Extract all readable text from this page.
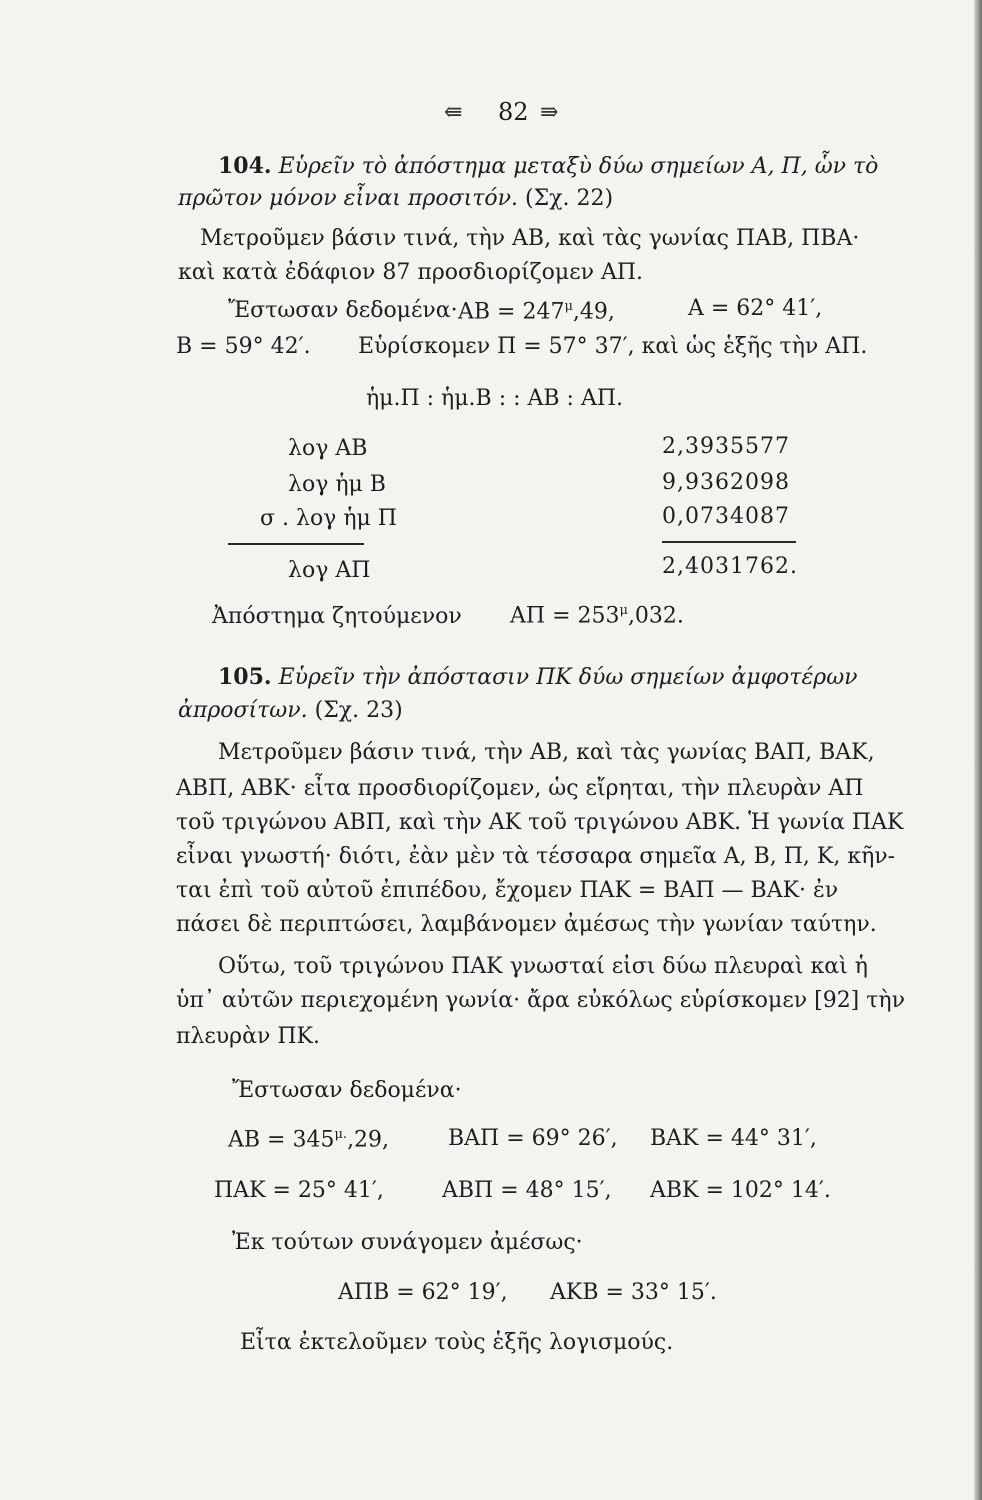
⇚ 82 ⇛
104. Εὑρεῖν τὸ ἀπόστημα μεταξὺ δύω σημείων Α, Π, ὧν τὸ
πρῶτον μόνον εἶναι προσιτόν. (Σχ. 22)
Μετροῦμεν βάσιν τινά, τὴν ΑΒ, καὶ τὰς γωνίας ΠΑΒ, ΠΒΑ·
καὶ κατὰ ἐδάφιον 87 προσδιορίζομεν ΑΠ.
Ἔστωσαν $\delta\varepsilon\delta o\mu έ\nu\alpha\cdot AB = 247^\mu,49$,	Α = 62° 41′,
Β = 59° 42′. Εὑρίσκομεν Π = 57° 37′, καὶ ὡς ἑξῆς τὴν ΑΠ.
ἡμ.Π : ἡμ.Β : : ΑΒ : ΑΠ.
λογ ΑΒ	2,3935577
λογ ἡμ Β	9,9362098
σ . λογ ἡμ Π	0,0734087
λογ ΑΠ	2,4031762.
Ἀπόστημα ζητούμενον $A\Pi = 253^\mu,032$.
105. Εὑρεῖν τὴν ἀπόστασιν ΠΚ δύω σημείων ἀμφοτέρων
ἀπροσίτων. (Σχ. 23)
Μετροῦμεν βάσιν τινά, τὴν ΑΒ, καὶ τὰς γωνίας ΒΑΠ, ΒΑΚ,
ΑΒΠ, ΑΒΚ· εἶτα προσδιορίζομεν, ὡς εἴρηται, τὴν πλευρὰν ΑΠ
τοῦ τριγώνου ΑΒΠ, καὶ τὴν ΑΚ τοῦ τριγώνου ΑΒΚ. Ἡ γωνία ΠΑΚ
εἶναι γνωστή· διότι, ἐὰν μὲν τὰ τέσσαρα σημεῖα Α, Β, Π, Κ, κῆν-
ται ἐπὶ τοῦ αὐτοῦ ἐπιπέδου, ἔχομεν ΠΑΚ = ΒΑΠ — ΒΑΚ· ἐν
πάσει δὲ περιπτώσει, λαμβάνομεν ἀμέσως τὴν γωνίαν ταύτην.
Οὕτω, τοῦ τριγώνου ΠΑΚ γνωσταί εἰσι δύω πλευραὶ καὶ ἡ
ὑπ᾿ αὐτῶν περιεχομένη γωνία· ἄρα εὐκόλως εὑρίσκομεν [92] τὴν
πλευρὰν ΠΚ.
Ἔστωσαν δεδομένα·
$AB = 345^{\mu.},29$,	ΒΑΠ = 69° 26′, ΒΑΚ = 44° 31′,
ΠΑΚ = 25° 41′,	ΑΒΠ = 48° 15′, ΑΒΚ = 102° 14′.
Ἐκ τούτων συνάγομεν ἀμέσως·
ΑΠΒ = 62° 19′, ΑΚΒ = 33° 15′.
Εἶτα ἐκτελοῦμεν τοὺς ἑξῆς λογισμούς.
